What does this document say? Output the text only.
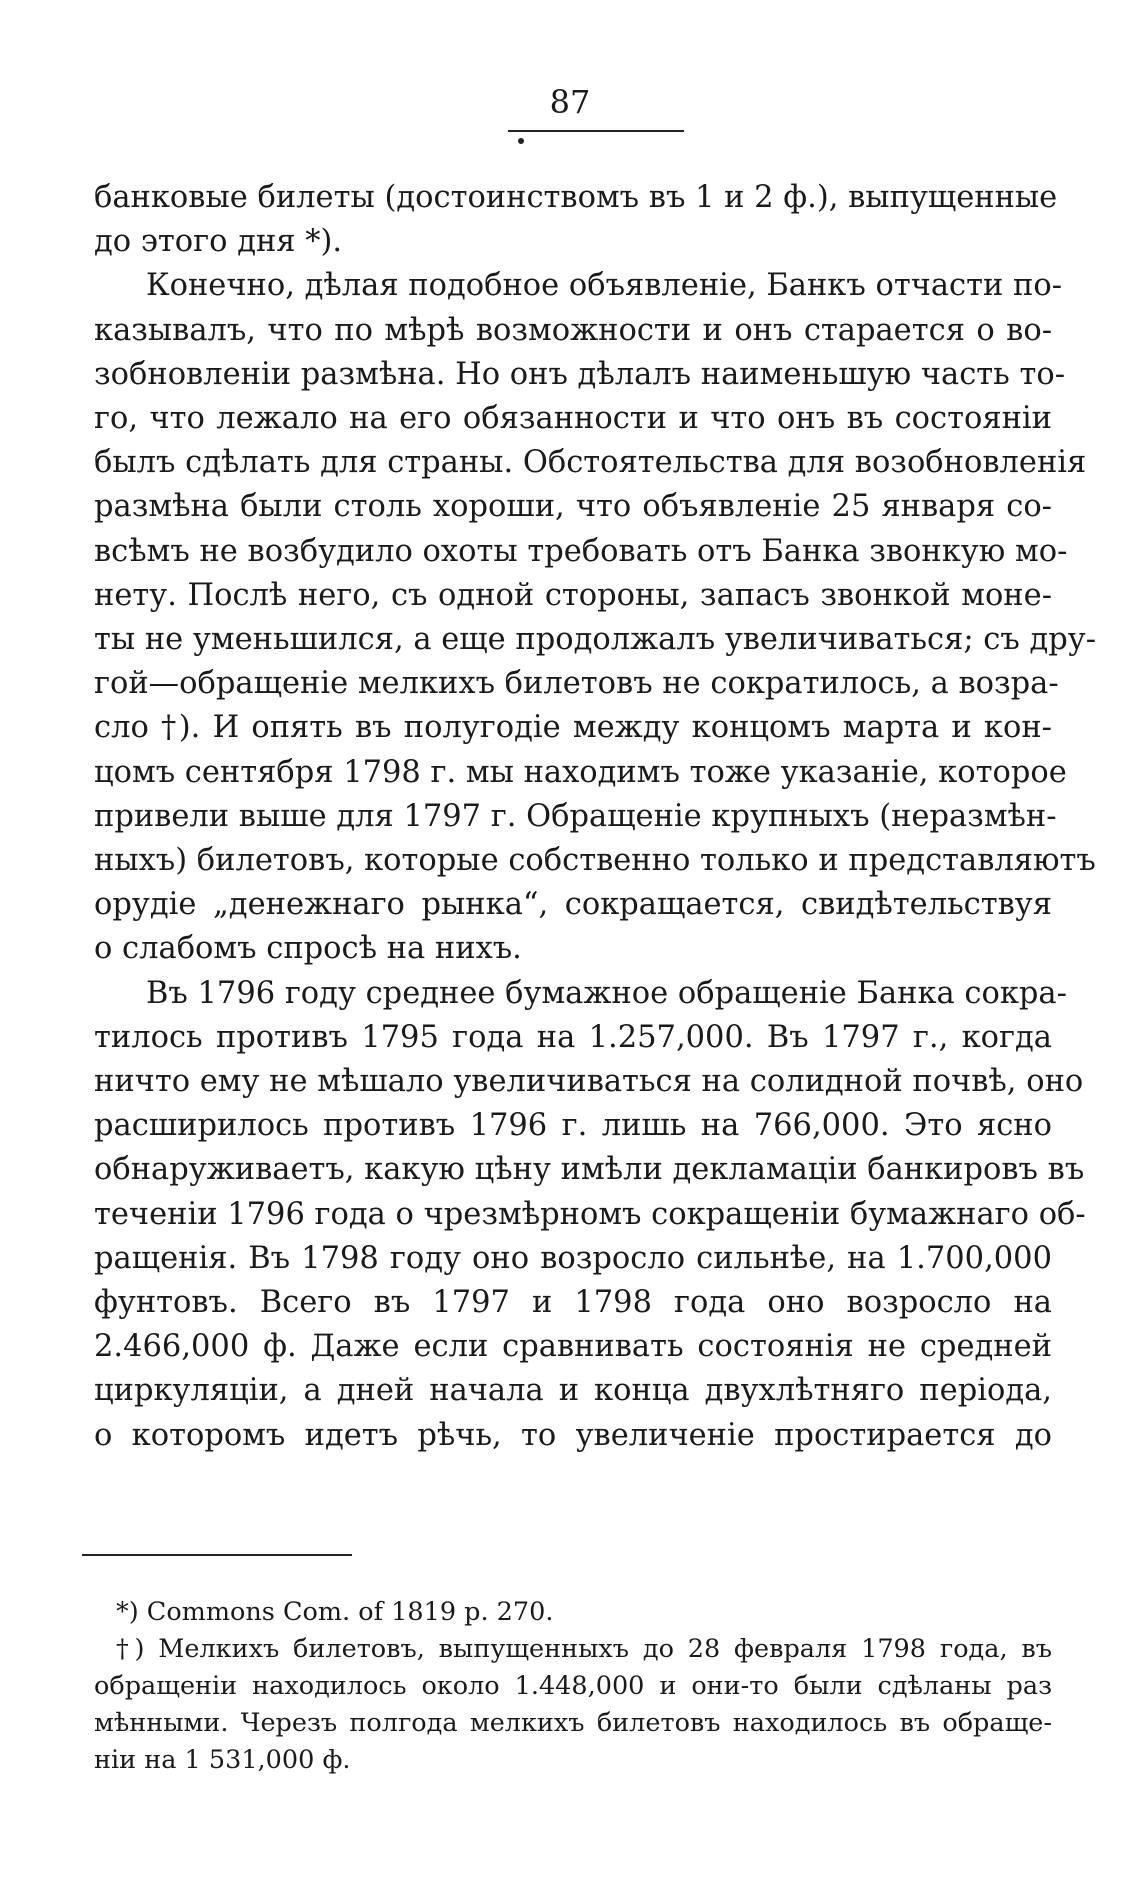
87
банковые билеты (достоинствомъ въ 1 и 2 ф.), выпущенные
до этого дня *).
Конечно, дѣлая подобное объявленіе, Банкъ отчасти по-
казывалъ, что по мѣрѣ возможности и онъ старается о во-
зобновленіи размѣна. Но онъ дѣлалъ наименьшую часть то-
го, что лежало на его обязанности и что онъ въ состояніи
былъ сдѣлать для страны. Обстоятельства для возобновленія
размѣна были столь хороши, что объявленіе 25 января со-
всѣмъ не возбудило охоты требовать отъ Банка звонкую мо-
нету. Послѣ него, съ одной стороны, запасъ звонкой моне-
ты не уменьшился, а еще продолжалъ увеличиваться; съ дру-
гой—обращеніе мелкихъ билетовъ не сократилось, а возра-
сло †). И опять въ полугодіе между концомъ марта и кон-
цомъ сентября 1798 г. мы находимъ тоже указаніе, которое
привели выше для 1797 г. Обращеніе крупныхъ (неразмѣн-
ныхъ) билетовъ, которые собственно только и представляютъ
орудіе „денежнаго рынка“, сокращается, свидѣтельствуя
о слабомъ спросѣ на нихъ.
Въ 1796 году среднее бумажное обращеніе Банка сокра-
тилось противъ 1795 года на 1.257,000. Въ 1797 г., когда
ничто ему не мѣшало увеличиваться на солидной почвѣ, оно
расширилось противъ 1796 г. лишь на 766,000. Это ясно
обнаруживаетъ, какую цѣну имѣли декламаціи банкировъ въ
теченіи 1796 года о чрезмѣрномъ сокращеніи бумажнаго об-
ращенія. Въ 1798 году оно возросло сильнѣе, на 1.700,000
фунтовъ. Всего въ 1797 и 1798 года оно возросло на
2.466,000 ф. Даже если сравнивать состоянія не средней
циркуляціи, а дней начала и конца двухлѣтняго періода,
о которомъ идетъ рѣчь, то увеличеніе простирается до
*) Commons Com. of 1819 p. 270.
†) Мелкихъ билетовъ, выпущенныхъ до 28 февраля 1798 года, въ
обращеніи находилось около 1.448,000 и они-то были сдѣланы раз
мѣнными. Черезъ полгода мелкихъ билетовъ находилось въ обраще-
ніи на 1 531,000 ф.
